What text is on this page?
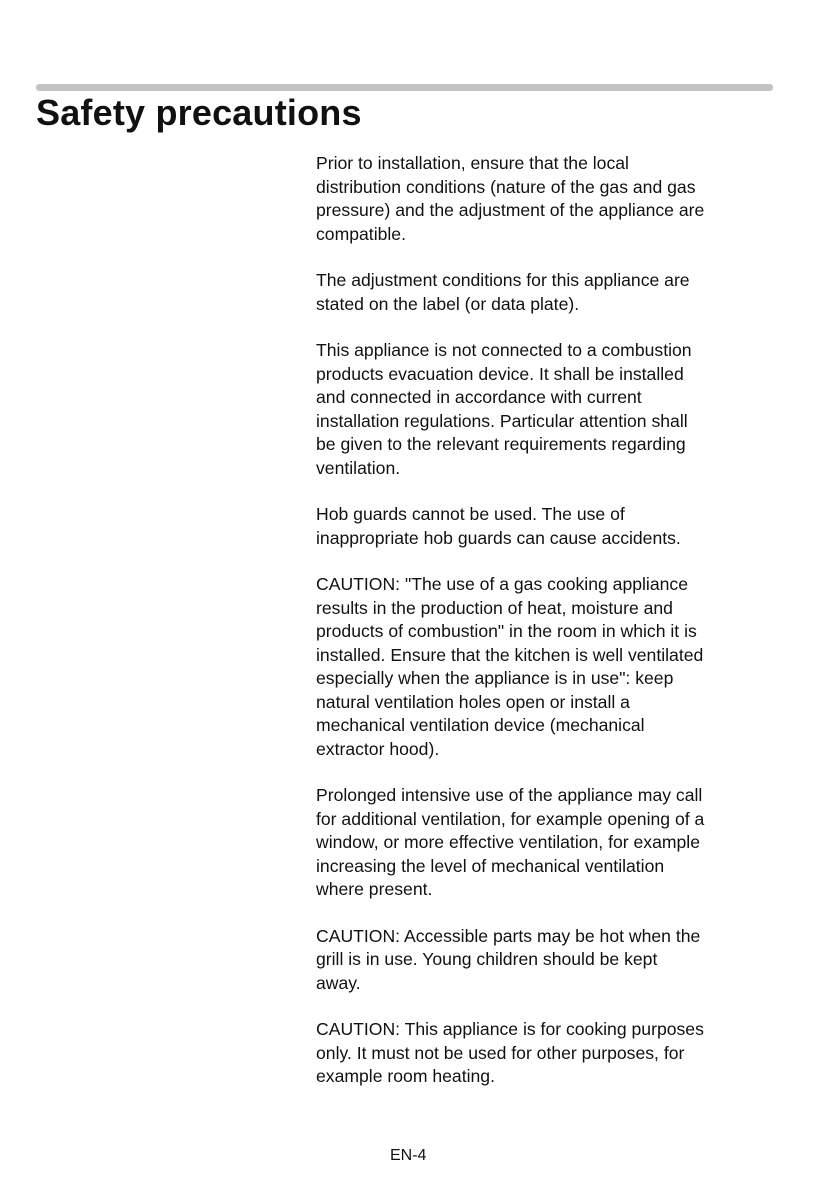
Safety precautions

Prior to installation, ensure that the local
distribution conditions (nature of the gas and gas
pressure) and the adjustment of the appliance are
compatible.

The adjustment conditions for this appliance are
stated on the label (or data plate).

This appliance is not connected to a combustion
products evacuation device. It shall be installed
and connected in accordance with current
installation regulations. Particular attention shall
be given to the relevant requirements regarding
ventilation.

Hob guards cannot be used. The use of
inappropriate hob guards can cause accidents.

CAUTION: "The use of a gas cooking appliance
results in the production of heat, moisture and
products of combustion" in the room in which it is
installed. Ensure that the kitchen is well ventilated
especially when the appliance is in use": keep
natural ventilation holes open or install a
mechanical ventilation device (mechanical
extractor hood).

Prolonged intensive use of the appliance may call
for additional ventilation, for example opening of a
window, or more effective ventilation, for example
increasing the level of mechanical ventilation
where present.

CAUTION: Accessible parts may be hot when the
grill is in use. Young children should be kept
away.

CAUTION: This appliance is for cooking purposes
only. It must not be used for other purposes, for
example room heating.

EN-4
